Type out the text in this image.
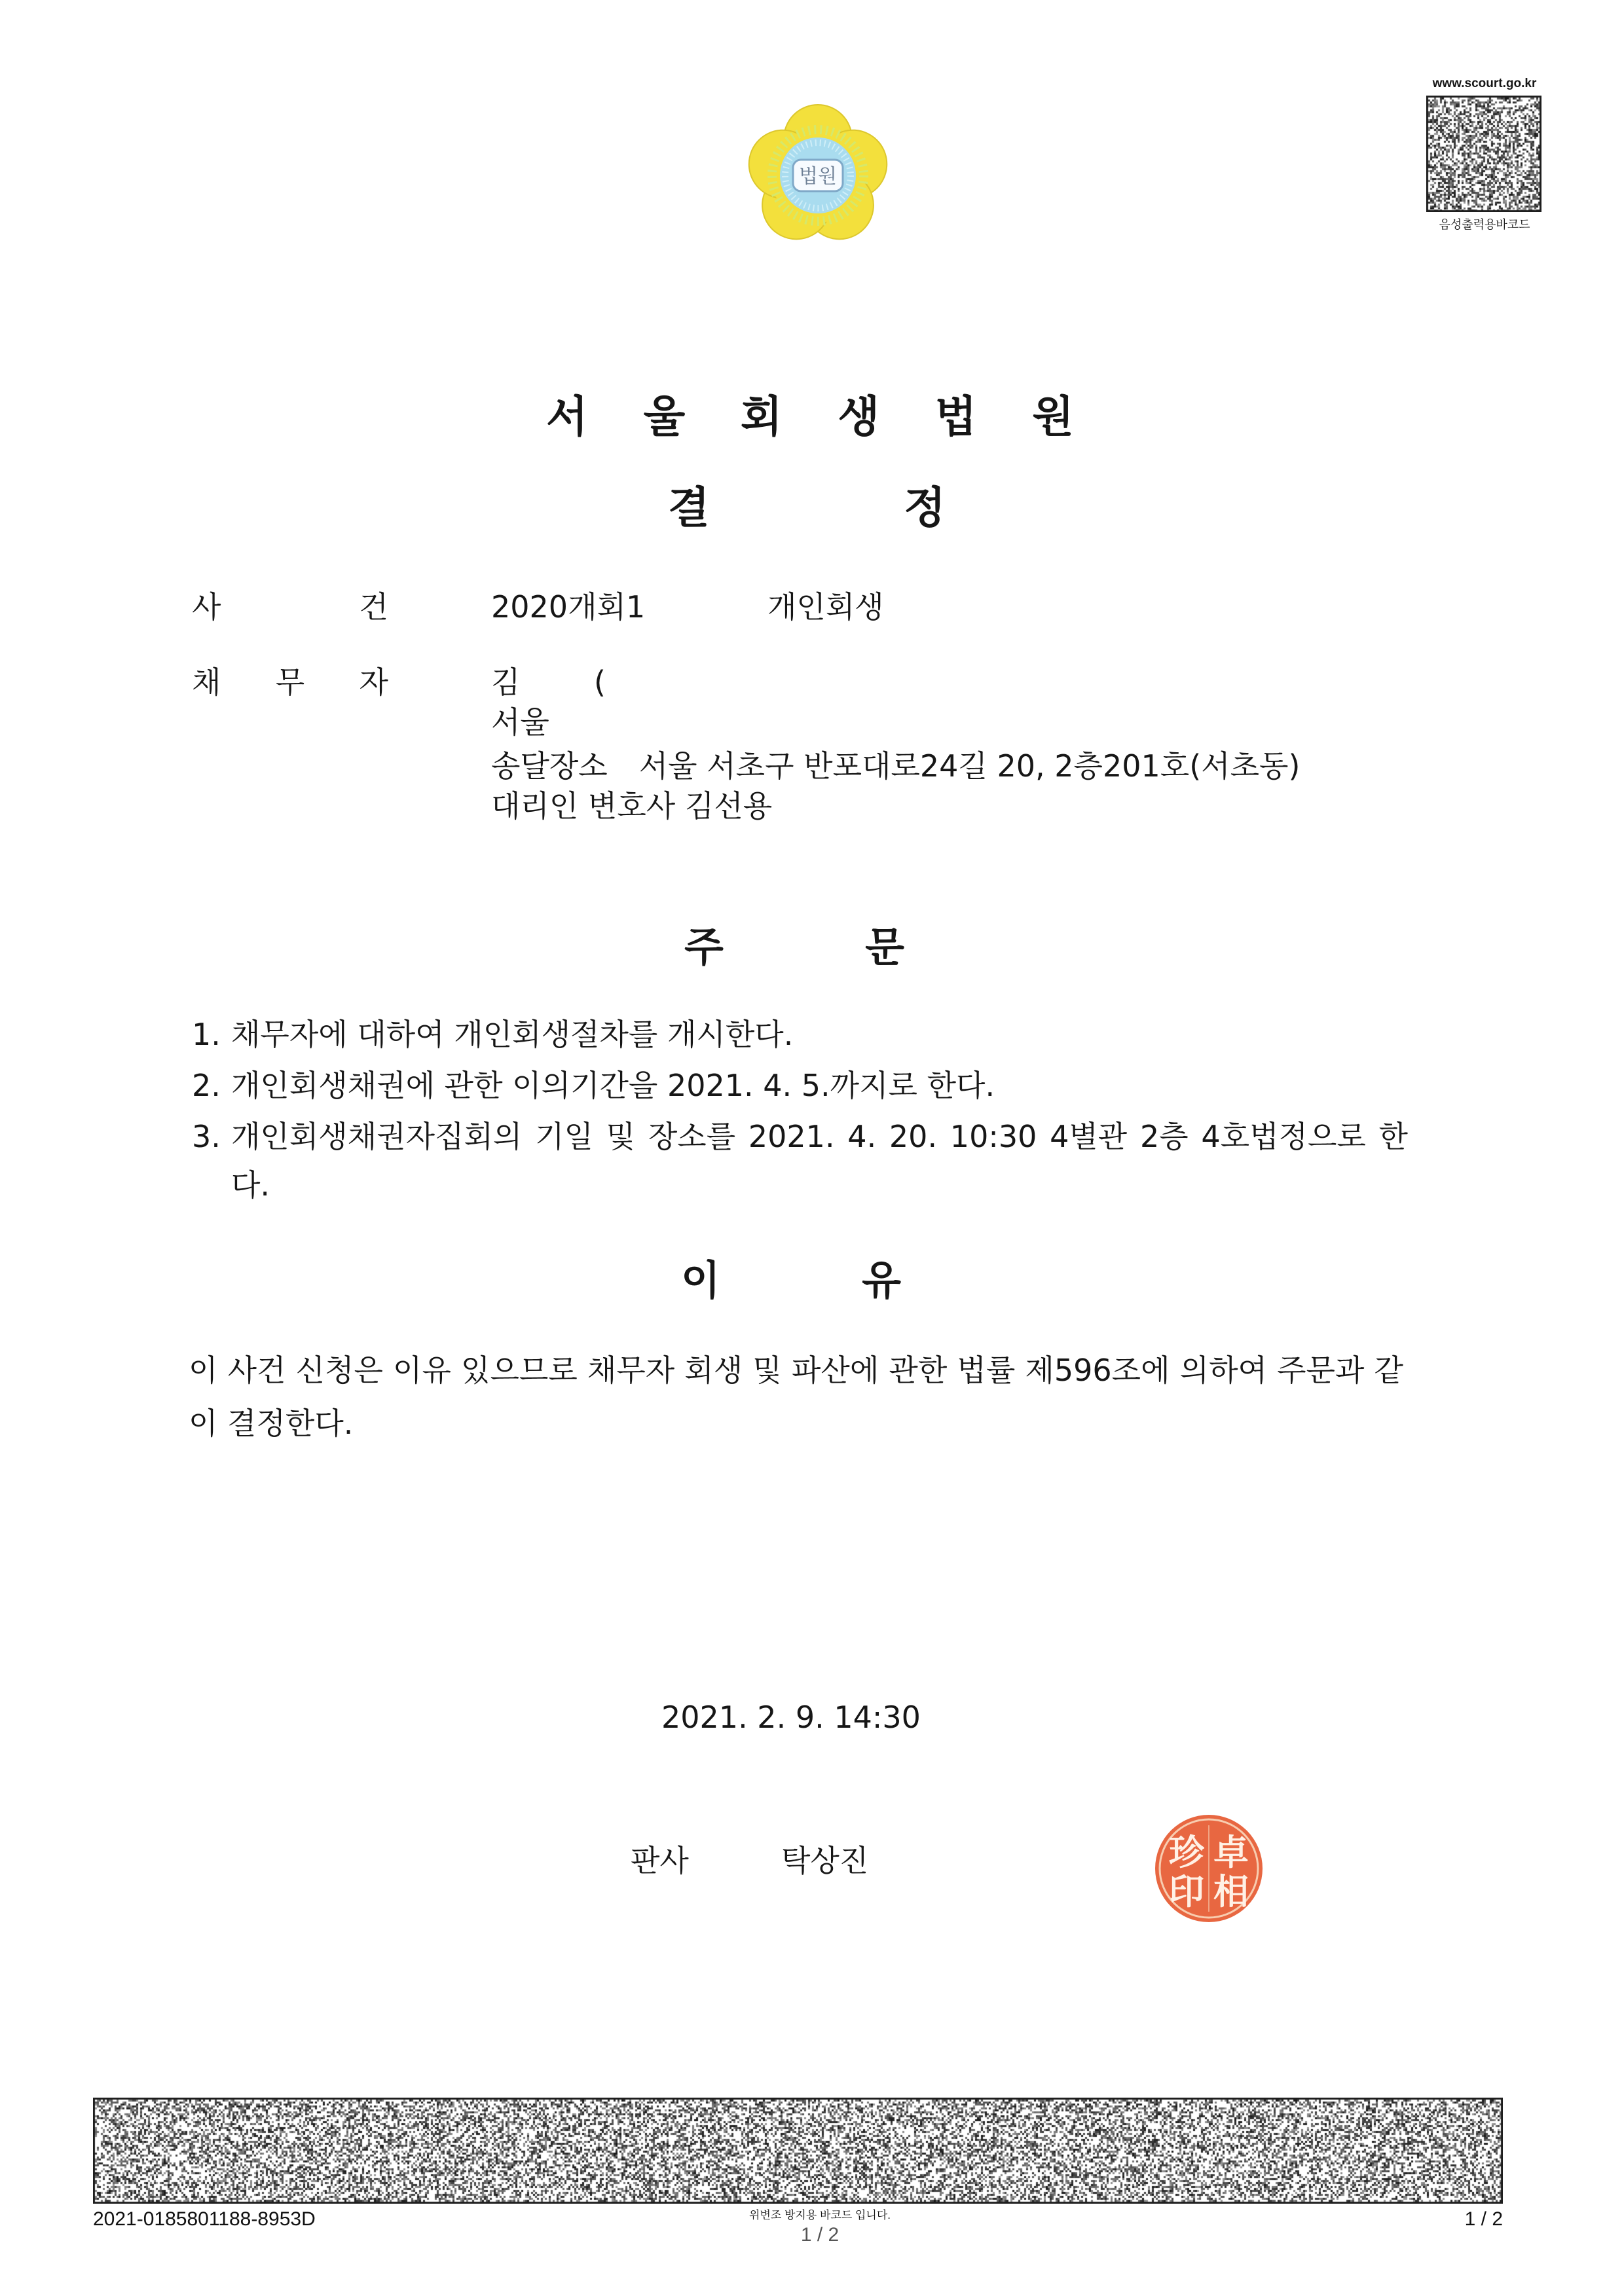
법원
www.scourt.go.kr
음성출력용바코드
서 울 회 생 법 원
결 정
사 건	2020개회1	개인회생
채 무 자	김 (
서울
송달장소 서울 서초구 반포대로24길 20, 2층201호(서초동)
대리인 변호사 김선용
주 문
1. 채무자에 대하여 개인회생절차를 개시한다.
2. 개인회생채권에 관한 이의기간을 2021. 4. 5.까지로 한다.
3. 개인회생채권자집회의 기일 및 장소를 2021. 4. 20. 10:30 4별관 2층 4호법정으로 한다.
이 유
이 사건 신청은 이유 있으므로 채무자 회생 및 파산에 관한 법률 제596조에 의하여 주문과 같이 결정한다.
2021. 2. 9. 14:30
판사	탁상진	卓
相
珍
印
2021-0185801188-8953D	위변조 방지용 바코드 입니다.
1 / 2
1 / 2
